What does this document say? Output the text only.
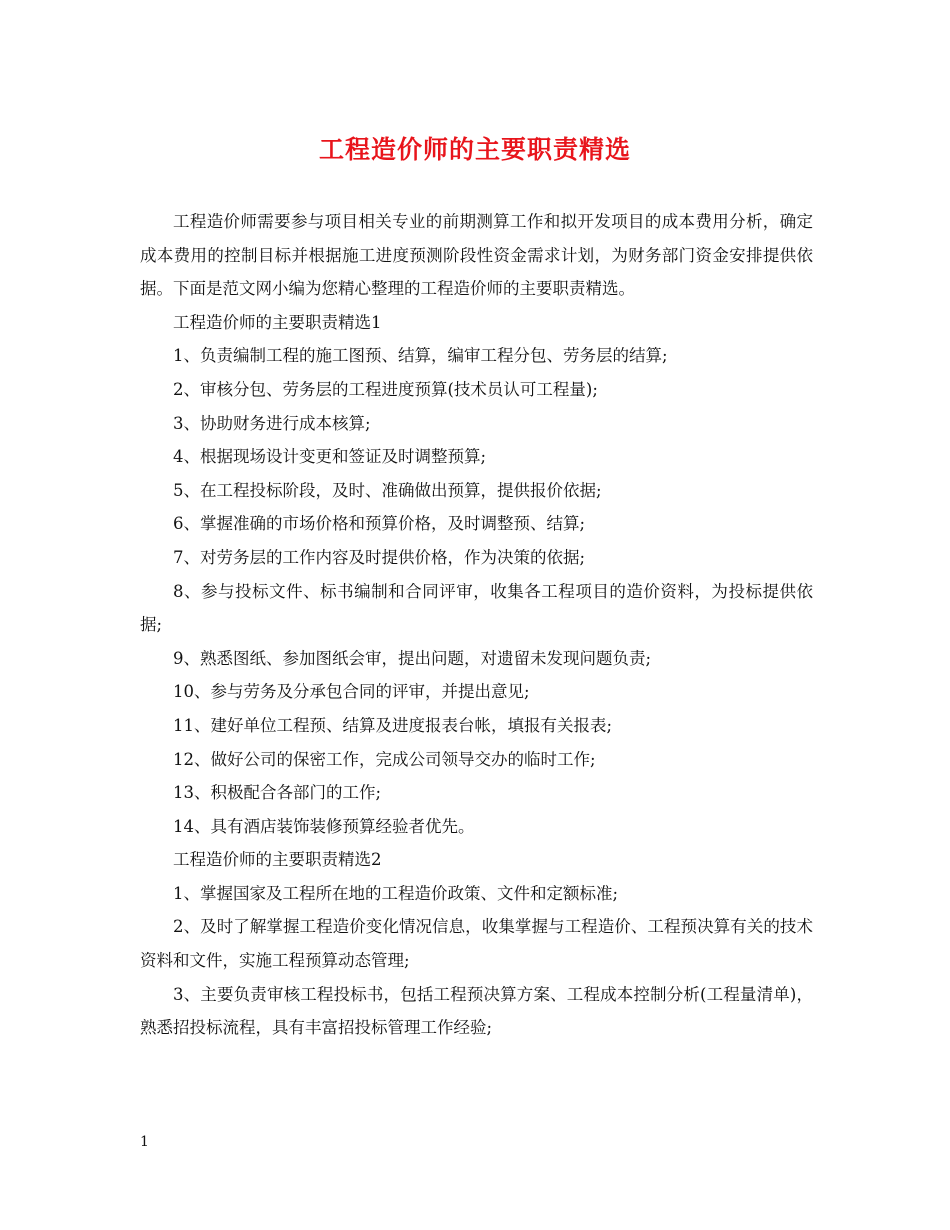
工程造价师的主要职责精选

工程造价师需要参与项目相关专业的前期测算工作和拟开发项目的成本费用分析，确定成本费用的控制目标并根据施工进度预测阶段性资金需求计划，为财务部门资金安排提供依据。下面是范文网小编为您精心整理的工程造价师的主要职责精选。

工程造价师的主要职责精选1

1、负责编制工程的施工图预、结算，编审工程分包、劳务层的结算;

2、审核分包、劳务层的工程进度预算(技术员认可工程量);

3、协助财务进行成本核算;

4、根据现场设计变更和签证及时调整预算;

5、在工程投标阶段，及时、准确做出预算，提供报价依据;

6、掌握准确的市场价格和预算价格，及时调整预、结算;

7、对劳务层的工作内容及时提供价格，作为决策的依据;

8、参与投标文件、标书编制和合同评审，收集各工程项目的造价资料，为投标提供依据;

9、熟悉图纸、参加图纸会审，提出问题，对遗留未发现问题负责;

10、参与劳务及分承包合同的评审，并提出意见;

11、建好单位工程预、结算及进度报表台帐，填报有关报表;

12、做好公司的保密工作，完成公司领导交办的临时工作;

13、积极配合各部门的工作;

14、具有酒店装饰装修预算经验者优先。

工程造价师的主要职责精选2

1、掌握国家及工程所在地的工程造价政策、文件和定额标准;

2、及时了解掌握工程造价变化情况信息，收集掌握与工程造价、工程预决算有关的技术资料和文件，实施工程预算动态管理;

3、主要负责审核工程投标书，包括工程预决算方案、工程成本控制分析(工程量清单)，熟悉招投标流程，具有丰富招投标管理工作经验;

1
